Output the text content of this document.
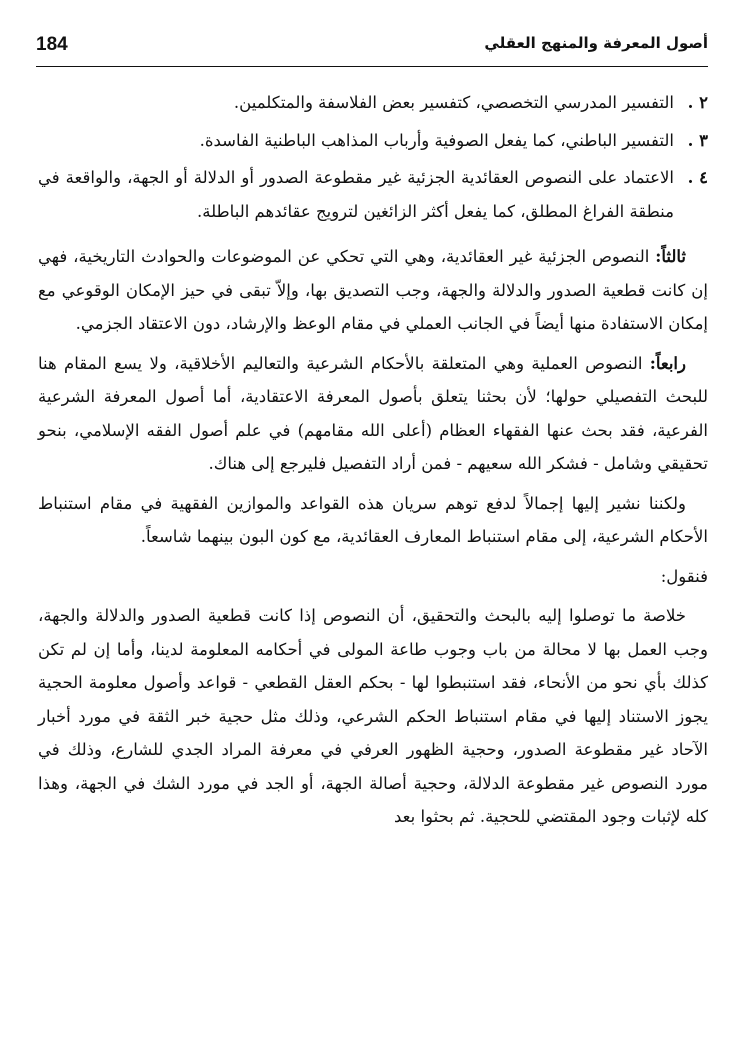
184	أصول المعرفة والمنهج العقلي
٢ .
التفسير المدرسي التخصصي، كتفسير بعض الفلاسفة والمتكلمين.
٣ .
التفسير الباطني، كما يفعل الصوفية وأرباب المذاهب الباطنية الفاسدة.
٤ .
الاعتماد على النصوص العقائدية الجزئية غير مقطوعة الصدور أو الدلالة أو الجهة، والواقعة في منطقة الفراغ المطلق، كما يفعل أكثر الزائغين لترويج عقائدهم الباطلة.

ثالثاً: النصوص الجزئية غير العقائدية، وهي التي تحكي عن الموضوعات والحوادث التاريخية، فهي إن كانت قطعية الصدور والدلالة والجهة، وجب التصديق بها، وإلاّ تبقى في حيز الإمكان الوقوعي مع إمكان الاستفادة منها أيضاً في الجانب العملي في مقام الوعظ والإرشاد، دون الاعتقاد الجزمي.

رابعاً: النصوص العملية وهي المتعلقة بالأحكام الشرعية والتعاليم الأخلاقية، ولا يسع المقام هنا للبحث التفصيلي حولها؛ لأن بحثنا يتعلق بأصول المعرفة الاعتقادية، أما أصول المعرفة الشرعية الفرعية، فقد بحث عنها الفقهاء العظام (أعلى الله مقامهم) في علم أصول الفقه الإسلامي، بنحو تحقيقي وشامل - فشكر الله سعيهم - فمن أراد التفصيل فليرجع إلى هناك.

ولكننا نشير إليها إجمالاً لدفع توهم سريان هذه القواعد والموازين الفقهية في مقام استنباط الأحكام الشرعية، إلى مقام استنباط المعارف العقائدية، مع كون البون بينهما شاسعاً.

فنقول:

خلاصة ما توصلوا إليه بالبحث والتحقيق، أن النصوص إذا كانت قطعية الصدور والدلالة والجهة، وجب العمل بها لا محالة من باب وجوب طاعة المولى في أحكامه المعلومة لدينا، وأما إن لم تكن كذلك بأي نحو من الأنحاء، فقد استنبطوا لها - بحكم العقل القطعي - قواعد وأصول معلومة الحجية يجوز الاستناد إليها في مقام استنباط الحكم الشرعي، وذلك مثل حجية خبر الثقة في مورد أخبار الآحاد غير مقطوعة الصدور، وحجية الظهور العرفي في معرفة المراد الجدي للشارع، وذلك في مورد النصوص غير مقطوعة الدلالة، وحجية أصالة الجهة، أو الجد في مورد الشك في الجهة، وهذا كله لإثبات وجود المقتضي للحجية. ثم بحثوا بعد
